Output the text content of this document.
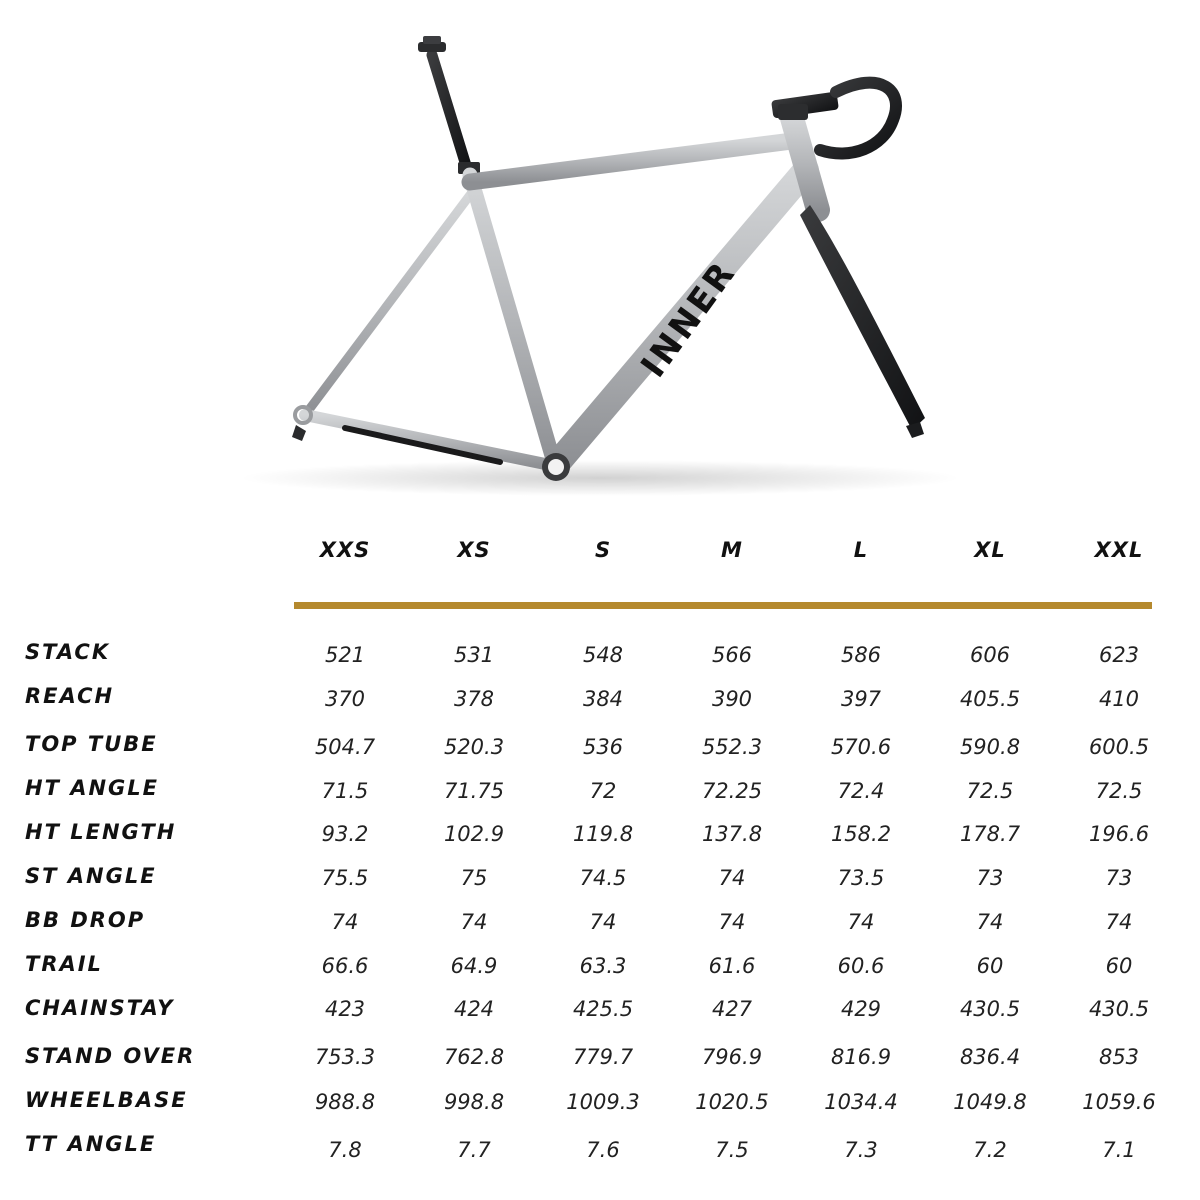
INNER
XXS	XS	S	M	L	XL	XXL
STACK	521	531	548	566	586	606	623
REACH	370	378	384	390	397	405.5	410
TOP TUBE	504.7	520.3	536	552.3	570.6	590.8	600.5
HT ANGLE	71.5	71.75	72	72.25	72.4	72.5	72.5
HT LENGTH	93.2	102.9	119.8	137.8	158.2	178.7	196.6
ST ANGLE	75.5	75	74.5	74	73.5	73	73
BB DROP	74	74	74	74	74	74	74
TRAIL	66.6	64.9	63.3	61.6	60.6	60	60
CHAINSTAY	423	424	425.5	427	429	430.5	430.5
STAND OVER	753.3	762.8	779.7	796.9	816.9	836.4	853
WHEELBASE	988.8	998.8	1009.3	1020.5	1034.4	1049.8	1059.6
TT ANGLE	7.8	7.7	7.6	7.5	7.3	7.2	7.1
